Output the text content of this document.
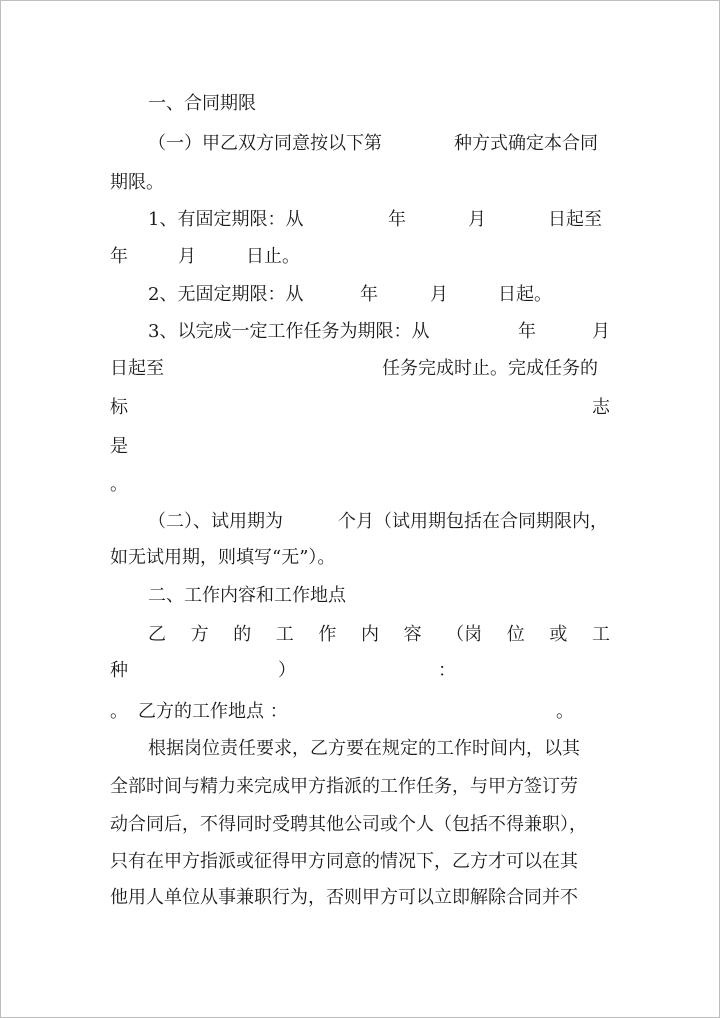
一、合同期限
（一）甲乙双方同意按以下第	种方式确定本合同
期限。
1、有固定期限：从	年	月	日起至
年	月	日止。
2、无固定期限：从	年	月	日起。
3、以完成一定工作任务为期限：从	年	月
日起至	任务完成时止。完成任务的
标	志
是
。
（二）、试用期为	个月（试用期包括在合同期限内，
如无试用期，则填写“无”）。
二、工作内容和工作地点
乙 方 的 工 作 内 容 （岗 位 或 工
种	）	：
。 乙方的工作地点 ：	。
根据岗位责任要求，乙方要在规定的工作时间内，以其
全部时间与精力来完成甲方指派的工作任务，与甲方签订劳
动合同后，不得同时受聘其他公司或个人（包括不得兼职），
只有在甲方指派或征得甲方同意的情况下，乙方才可以在其
他用人单位从事兼职行为，否则甲方可以立即解除合同并不
